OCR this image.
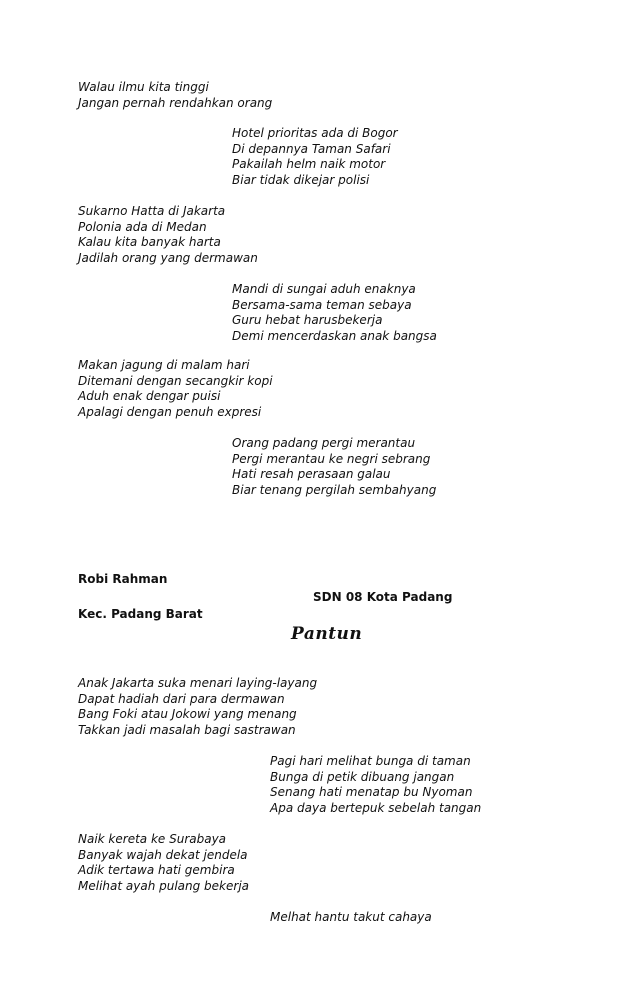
Walau ilmu kita tinggi
Jangan pernah rendahkan orang
Hotel prioritas ada di Bogor
Di depannya Taman Safari
Pakailah helm naik motor
Biar tidak dikejar polisi
Sukarno Hatta di Jakarta
Polonia ada di Medan
Kalau kita banyak harta
Jadilah orang yang dermawan
Mandi di sungai aduh enaknya
Bersama-sama teman sebaya
Guru hebat harusbekerja
Demi mencerdaskan anak bangsa
Makan jagung di malam hari
Ditemani dengan secangkir kopi
Aduh enak dengar puisi
Apalagi dengan penuh expresi
Orang padang pergi merantau
Pergi merantau ke negri sebrang
Hati resah perasaan galau
Biar tenang pergilah sembahyang
Robi Rahman
SDN 08 Kota Padang
Kec. Padang Barat
Pantun
Anak Jakarta suka menari laying-layang
Dapat hadiah dari para dermawan
Bang Foki atau Jokowi yang menang
Takkan jadi masalah bagi sastrawan
Pagi hari melihat bunga di taman
Bunga di petik dibuang jangan
Senang hati menatap bu Nyoman
Apa daya bertepuk sebelah tangan
Naik kereta ke Surabaya
Banyak wajah dekat jendela
Adik tertawa hati gembira
Melihat ayah pulang bekerja
Melhat hantu takut cahaya
